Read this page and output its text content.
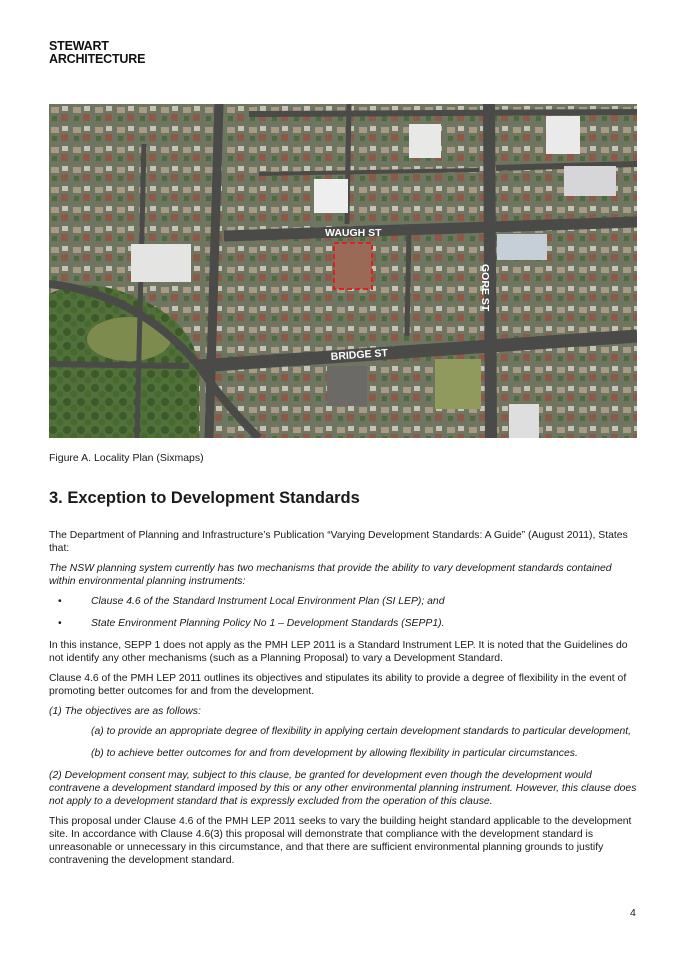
STEWART
ARCHITECTURE
WAUGH ST
GORE ST
BRIDGE ST
Figure A. Locality Plan (Sixmaps)
3. Exception to Development Standards

The Department of Planning and Infrastructure’s Publication “Varying Development Standards: A Guide” (August 2011), States that:

The NSW planning system currently has two mechanisms that provide the ability to vary development standards contained within environmental planning instruments:

• Clause 4.6 of the Standard Instrument Local Environment Plan (SI LEP); and
• State Environment Planning Policy No 1 – Development Standards (SEPP1).

In this instance, SEPP 1 does not apply as the PMH LEP 2011 is a Standard Instrument LEP. It is noted that the Guidelines do not identify any other mechanisms (such as a Planning Proposal) to vary a Development Standard.

Clause 4.6 of the PMH LEP 2011 outlines its objectives and stipulates its ability to provide a degree of flexibility in the event of promoting better outcomes for and from the development.

(1) The objectives are as follows:

(a) to provide an appropriate degree of flexibility in applying certain development standards to particular development,

(b) to achieve better outcomes for and from development by allowing flexibility in particular circumstances.

(2) Development consent may, subject to this clause, be granted for development even though the development would contravene a development standard imposed by this or any other environmental planning instrument. However, this clause does not apply to a development standard that is expressly excluded from the operation of this clause.

This proposal under Clause 4.6 of the PMH LEP 2011 seeks to vary the building height standard applicable to the development site. In accordance with Clause 4.6(3) this proposal will demonstrate that compliance with the development standard is unreasonable or unnecessary in this circumstance, and that there are sufficient environmental planning grounds to justify contravening the development standard.

4
